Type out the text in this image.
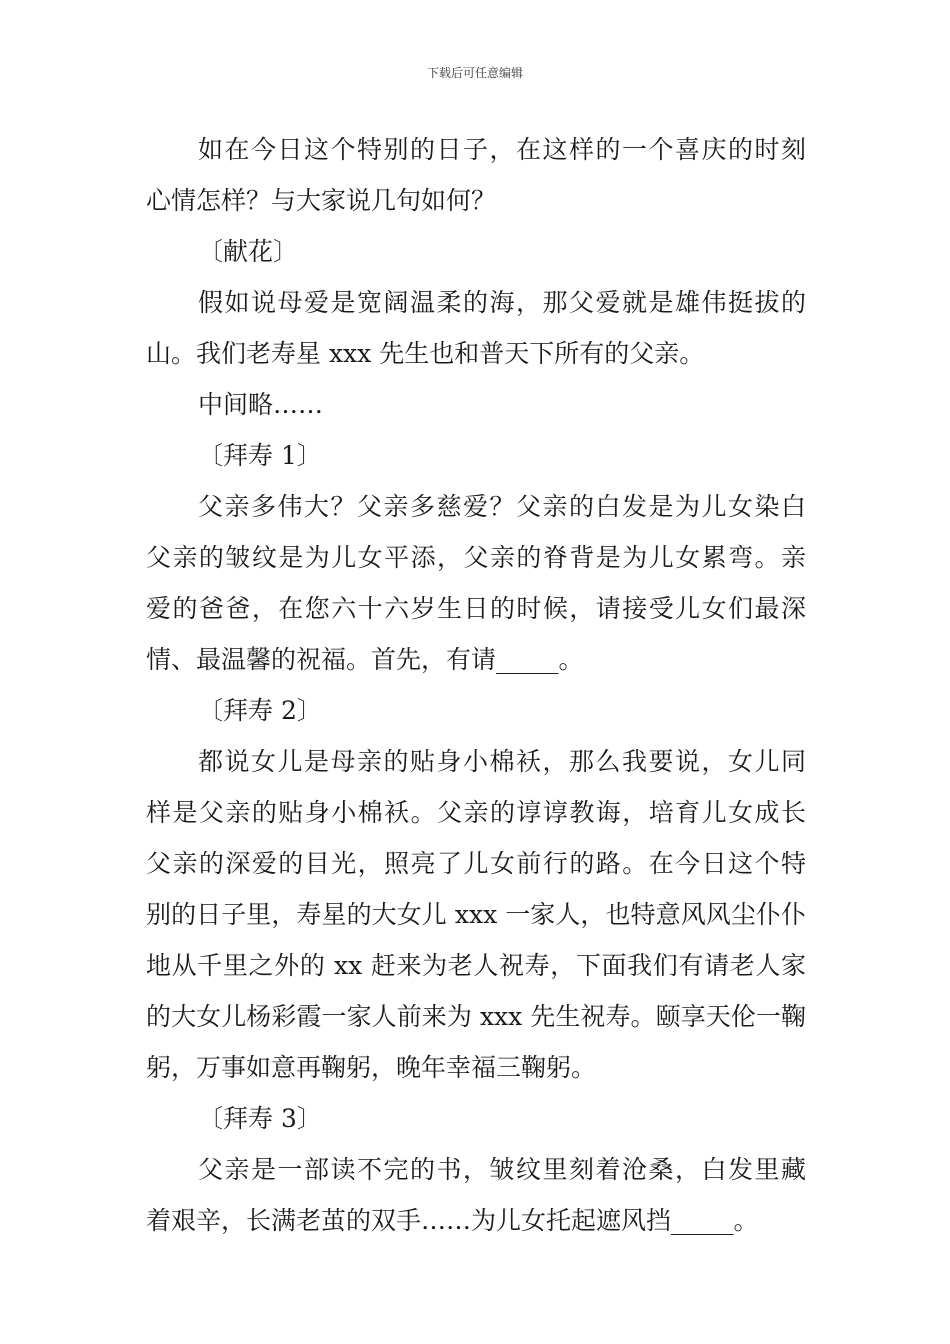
下载后可任意编辑
如在今日这个特别的日子，在这样的一个喜庆的时刻
心情怎样？与大家说几句如何？
〔献花〕
假如说母爱是宽阔温柔的海，那父爱就是雄伟挺拔的
山。我们老寿星 xxx 先生也和普天下所有的父亲。
中间略……
〔拜寿 1〕
父亲多伟大？父亲多慈爱？父亲的白发是为儿女染白
父亲的皱纹是为儿女平添，父亲的脊背是为儿女累弯。亲
爱的爸爸，在您六十六岁生日的时候，请接受儿女们最深
情、最温馨的祝福。首先，有请_____。
〔拜寿 2〕
都说女儿是母亲的贴身小棉袄，那么我要说，女儿同
样是父亲的贴身小棉袄。父亲的谆谆教诲，培育儿女成长
父亲的深爱的目光，照亮了儿女前行的路。在今日这个特
别的日子里，寿星的大女儿 xxx 一家人，也特意风风尘仆仆
地从千里之外的 xx 赶来为老人祝寿，下面我们有请老人家
的大女儿杨彩霞一家人前来为 xxx 先生祝寿。颐享天伦一鞠
躬，万事如意再鞠躬，晚年幸福三鞠躬。
〔拜寿 3〕
父亲是一部读不完的书，皱纹里刻着沧桑，白发里藏
着艰辛，长满老茧的双手……为儿女托起遮风挡_____。
